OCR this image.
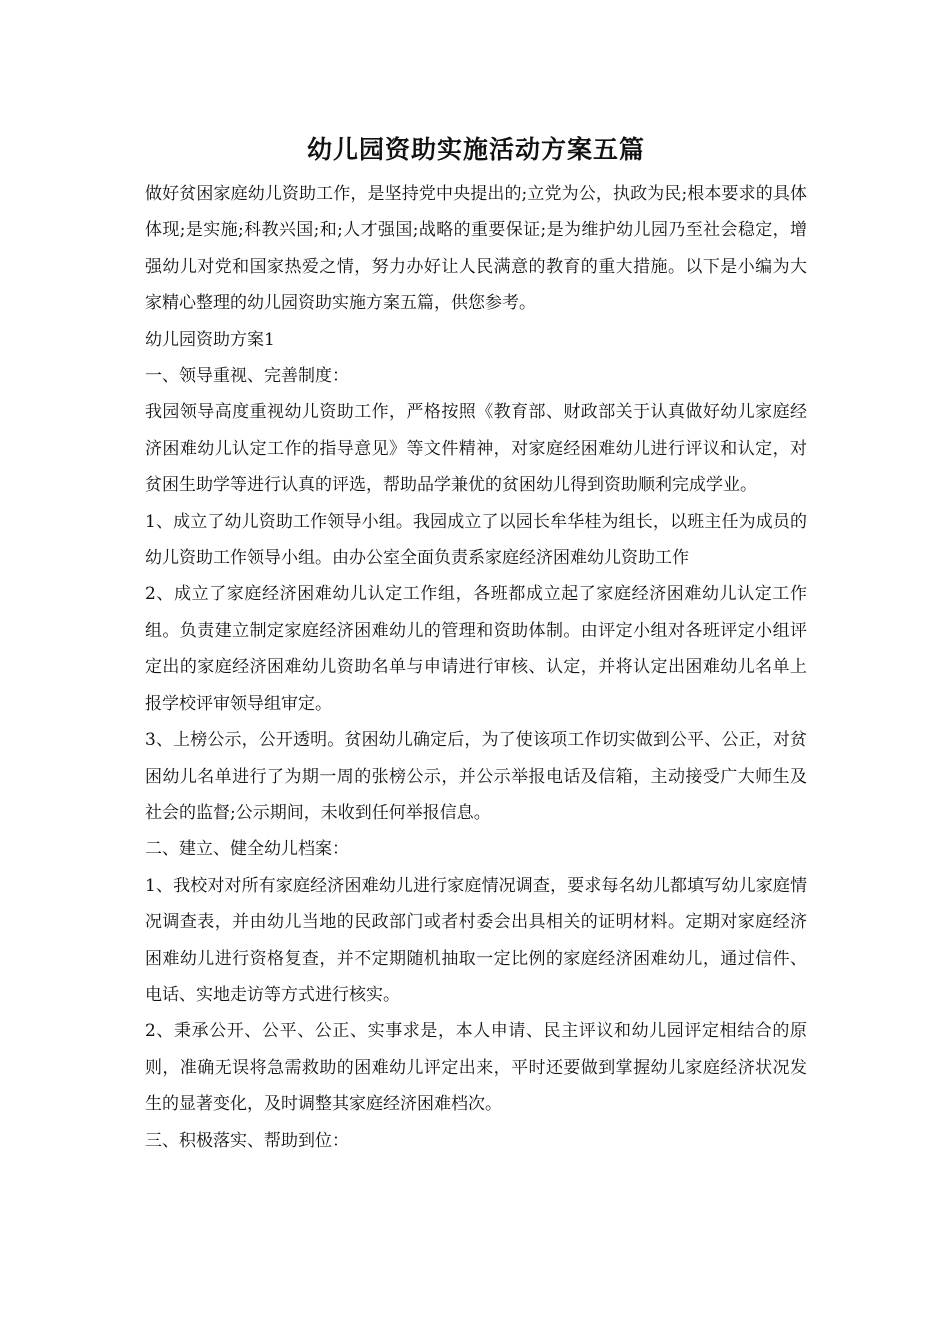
幼儿园资助实施活动方案五篇

做好贫困家庭幼儿资助工作，是坚持党中央提出的;立党为公，执政为民;根本要求的具体体现;是实施;科教兴国;和;人才强国;战略的重要保证;是为维护幼儿园乃至社会稳定，增强幼儿对党和国家热爱之情，努力办好让人民满意的教育的重大措施。以下是小编为大家精心整理的幼儿园资助实施方案五篇，供您参考。

幼儿园资助方案1

一、领导重视、完善制度：

我园领导高度重视幼儿资助工作，严格按照《教育部、财政部关于认真做好幼儿家庭经济困难幼儿认定工作的指导意见》等文件精神，对家庭经困难幼儿进行评议和认定，对贫困生助学等进行认真的评选，帮助品学兼优的贫困幼儿得到资助顺利完成学业。

1、成立了幼儿资助工作领导小组。我园成立了以园长牟华桂为组长，以班主任为成员的幼儿资助工作领导小组。由办公室全面负责系家庭经济困难幼儿资助工作

2、成立了家庭经济困难幼儿认定工作组，各班都成立起了家庭经济困难幼儿认定工作组。负责建立制定家庭经济困难幼儿的管理和资助体制。由评定小组对各班评定小组评定出的家庭经济困难幼儿资助名单与申请进行审核、认定，并将认定出困难幼儿名单上报学校评审领导组审定。

3、上榜公示，公开透明。贫困幼儿确定后，为了使该项工作切实做到公平、公正，对贫困幼儿名单进行了为期一周的张榜公示，并公示举报电话及信箱，主动接受广大师生及社会的监督;公示期间，未收到任何举报信息。

二、建立、健全幼儿档案：

1、我校对对所有家庭经济困难幼儿进行家庭情况调查，要求每名幼儿都填写幼儿家庭情况调查表，并由幼儿当地的民政部门或者村委会出具相关的证明材料。定期对家庭经济困难幼儿进行资格复查，并不定期随机抽取一定比例的家庭经济困难幼儿，通过信件、电话、实地走访等方式进行核实。

2、秉承公开、公平、公正、实事求是，本人申请、民主评议和幼儿园评定相结合的原则，准确无误将急需救助的困难幼儿评定出来，平时还要做到掌握幼儿家庭经济状况发生的显著变化，及时调整其家庭经济困难档次。

三、积极落实、帮助到位：
